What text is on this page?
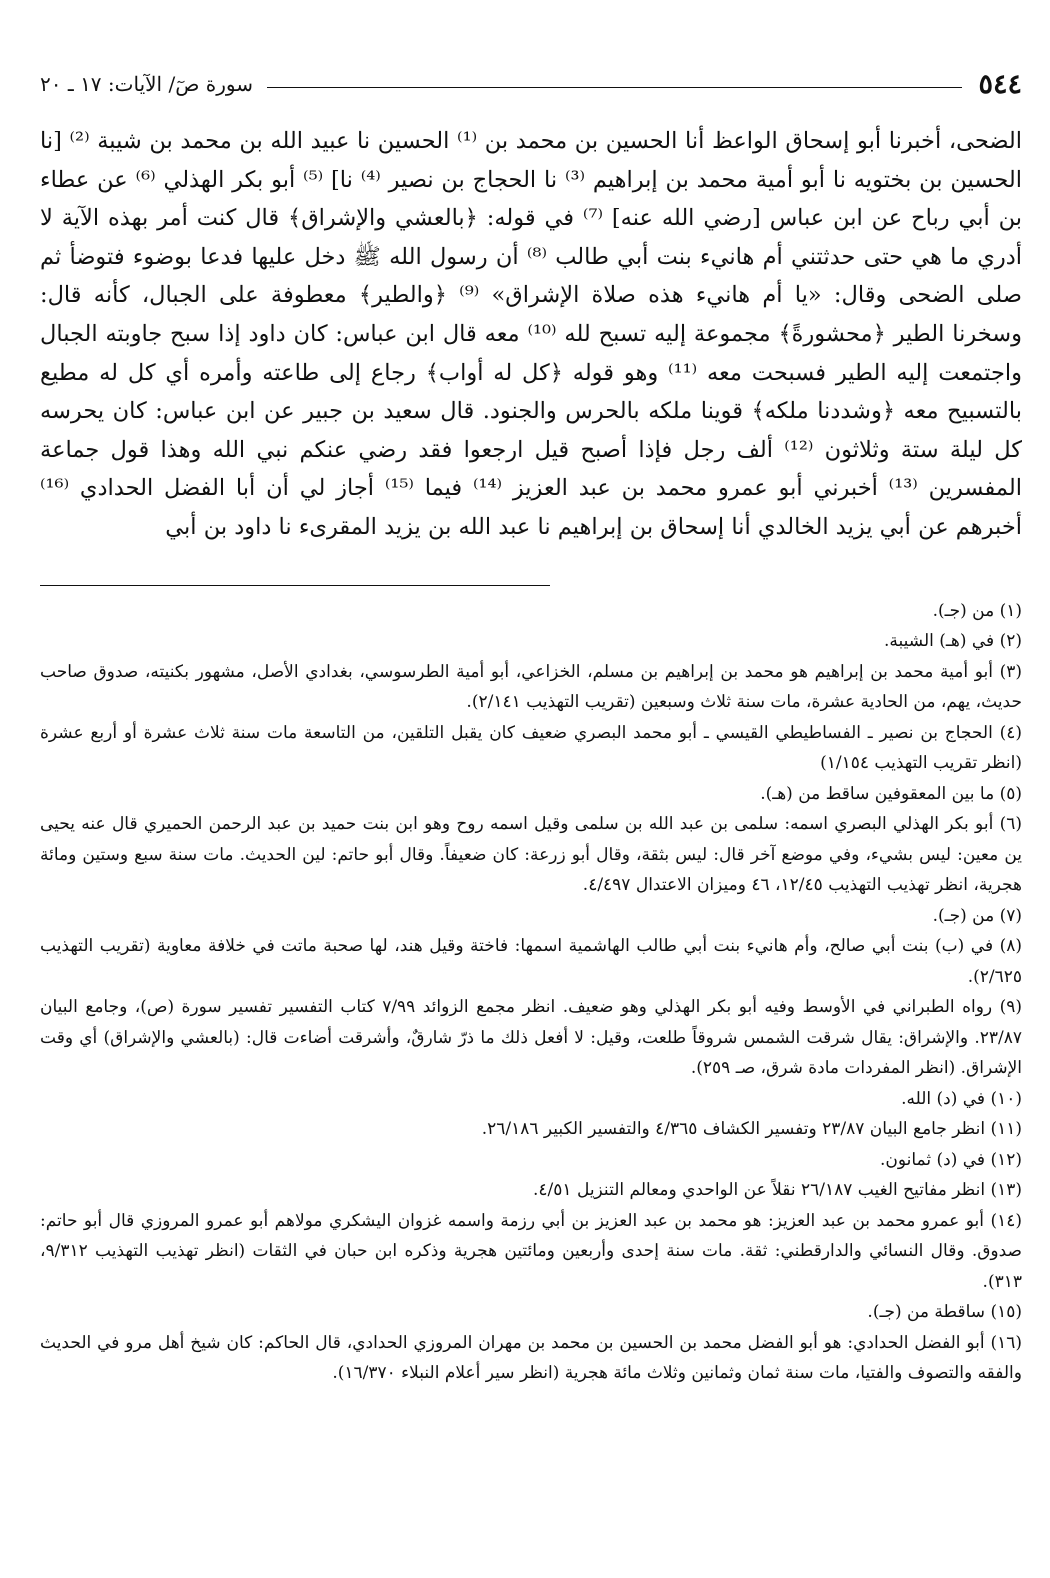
٥٤٤
سورة صٓ/ الآيات: ١٧ ـ ٢٠

الضحى، أخبرنا أبو إسحاق الواعظ أنا الحسين بن محمد بن ⁽¹⁾ الحسين نا عبيد الله بن محمد بن شيبة ⁽²⁾ [نا الحسين بن بختويه نا أبو أمية محمد بن إبراهيم ⁽³⁾ نا الحجاج بن نصير ⁽⁴⁾ نا] ⁽⁵⁾ أبو بكر الهذلي ⁽⁶⁾ عن عطاء بن أبي رباح عن ابن عباس [رضي الله عنه] ⁽⁷⁾ في قوله: ﴿بالعشي والإشراق﴾ قال كنت أمر بهذه الآية لا أدري ما هي حتى حدثتني أم هانيء بنت أبي طالب ⁽⁸⁾ أن رسول الله ﷺ دخل عليها فدعا بوضوء فتوضأ ثم صلى الضحى وقال: «يا أم هانيء هذه صلاة الإشراق» ⁽⁹⁾ ﴿والطير﴾ معطوفة على الجبال، كأنه قال: وسخرنا الطير ﴿محشورةً﴾ مجموعة إليه تسبح لله ⁽¹⁰⁾ معه قال ابن عباس: كان داود إذا سبح جاوبته الجبال واجتمعت إليه الطير فسبحت معه ⁽¹¹⁾ وهو قوله ﴿كل له أواب﴾ رجاع إلى طاعته وأمره أي كل له مطيع بالتسبيح معه ﴿وشددنا ملكه﴾ قوينا ملكه بالحرس والجنود. قال سعيد بن جبير عن ابن عباس: كان يحرسه كل ليلة ستة وثلاثون ⁽¹²⁾ ألف رجل فإذا أصبح قيل ارجعوا فقد رضي عنكم نبي الله وهذا قول جماعة المفسرين ⁽¹³⁾ أخبرني أبو عمرو محمد بن عبد العزيز ⁽¹⁴⁾ فيما ⁽¹⁵⁾ أجاز لي أن أبا الفضل الحدادي ⁽¹⁶⁾ أخبرهم عن أبي يزيد الخالدي أنا إسحاق بن إبراهيم نا عبد الله بن يزيد المقرىء نا داود بن أبي

(١) من (جـ).
(٢) في (هـ) الشيبة.
(٣) أبو أمية محمد بن إبراهيم هو محمد بن إبراهيم بن مسلم، الخزاعي، أبو أمية الطرسوسي، بغدادي الأصل، مشهور بكنيته، صدوق صاحب حديث، يهم، من الحادية عشرة، مات سنة ثلاث وسبعين (تقريب التهذيب ٢/١٤١).
(٤) الحجاج بن نصير ـ الفساطيطي القيسي ـ أبو محمد البصري ضعيف كان يقبل التلقين، من التاسعة مات سنة ثلاث عشرة أو أربع عشرة (انظر تقريب التهذيب ١/١٥٤)
(٥) ما بين المعقوفين ساقط من (هـ).
(٦) أبو بكر الهذلي البصري اسمه: سلمى بن عبد الله بن سلمى وقيل اسمه روح وهو ابن بنت حميد بن عبد الرحمن الحميري قال عنه يحيى ين معين: ليس بشيء، وفي موضع آخر قال: ليس بثقة، وقال أبو زرعة: كان ضعيفاً. وقال أبو حاتم: لين الحديث. مات سنة سبع وستين ومائة هجرية، انظر تهذيب التهذيب ١٢/٤٥، ٤٦ وميزان الاعتدال ٤/٤٩٧.
(٧) من (جـ).
(٨) في (ب) بنت أبي صالح، وأم هانيء بنت أبي طالب الهاشمية اسمها: فاختة وقيل هند، لها صحبة ماتت في خلافة معاوية (تقريب التهذيب ٢/٦٢٥).
(٩) رواه الطبراني في الأوسط وفيه أبو بكر الهذلي وهو ضعيف. انظر مجمع الزوائد ٧/٩٩ كتاب التفسير تفسير سورة (ص)، وجامع البيان ٢٣/٨٧. والإشراق: يقال شرقت الشمس شروقاً طلعت، وقيل: لا أفعل ذلك ما ذرّ شارقٌ، وأشرقت أضاءت قال: (بالعشي والإشراق) أي وقت الإشراق. (انظر المفردات مادة شرق، صـ ٢٥٩).
(١٠) في (د) الله.
(١١) انظر جامع البيان ٢٣/٨٧ وتفسير الكشاف ٤/٣٦٥ والتفسير الكبير ٢٦/١٨٦.
(١٢) في (د) ثمانون.
(١٣) انظر مفاتيح الغيب ٢٦/١٨٧ نقلاً عن الواحدي ومعالم التنزيل ٤/٥١.
(١٤) أبو عمرو محمد بن عبد العزيز: هو محمد بن عبد العزيز بن أبي رزمة واسمه غزوان اليشكري مولاهم أبو عمرو المروزي قال أبو حاتم: صدوق. وقال النسائي والدارقطني: ثقة. مات سنة إحدى وأربعين ومائتين هجرية وذكره ابن حبان في الثقات (انظر تهذيب التهذيب ٩/٣١٢، ٣١٣).
(١٥) ساقطة من (جـ).
(١٦) أبو الفضل الحدادي: هو أبو الفضل محمد بن الحسين بن محمد بن مهران المروزي الحدادي، قال الحاكم: كان شيخ أهل مرو في الحديث والفقه والتصوف والفتيا، مات سنة ثمان وثمانين وثلاث مائة هجرية (انظر سير أعلام النبلاء ١٦/٣٧٠).
